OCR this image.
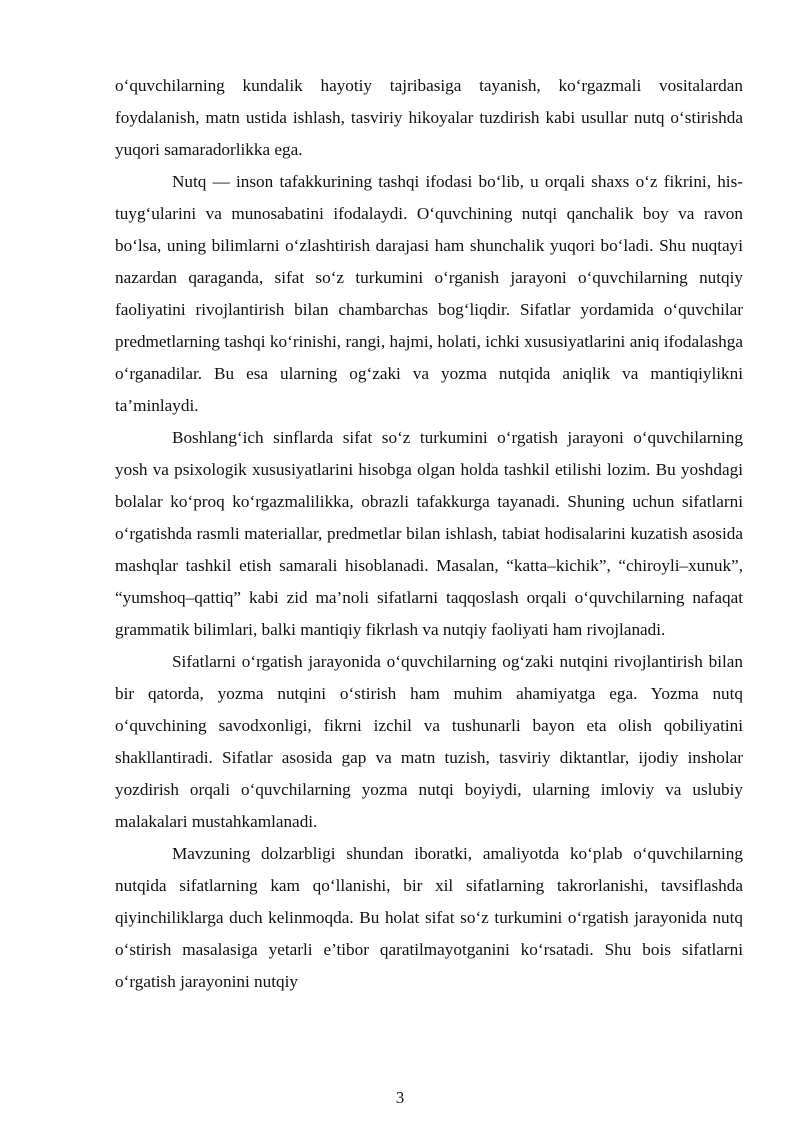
o‘quvchilarning kundalik hayotiy tajribasiga tayanish, ko‘rgazmali vositalardan foydalanish, matn ustida ishlash, tasviriy hikoyalar tuzdirish kabi usullar nutq o‘stirishda yuqori samaradorlikka ega.

Nutq — inson tafakkurining tashqi ifodasi bo‘lib, u orqali shaxs o‘z fikrini, his-tuyg‘ularini va munosabatini ifodalaydi. O‘quvchining nutqi qanchalik boy va ravon bo‘lsa, uning bilimlarni o‘zlashtirish darajasi ham shunchalik yuqori bo‘ladi. Shu nuqtayi nazardan qaraganda, sifat so‘z turkumini o‘rganish jarayoni o‘quvchilarning nutqiy faoliyatini rivojlantirish bilan chambarchas bog‘liqdir. Sifatlar yordamida o‘quvchilar predmetlarning tashqi ko‘rinishi, rangi, hajmi, holati, ichki xususiyatlarini aniq ifodalashga o‘rganadilar. Bu esa ularning og‘zaki va yozma nutqida aniqlik va mantiqiylikni ta’minlaydi.

Boshlang‘ich sinflarda sifat so‘z turkumini o‘rgatish jarayoni o‘quvchilarning yosh va psixologik xususiyatlarini hisobga olgan holda tashkil etilishi lozim. Bu yoshdagi bolalar ko‘proq ko‘rgazmalilikka, obrazli tafakkurga tayanadi. Shuning uchun sifatlarni o‘rgatishda rasmli materiallar, predmetlar bilan ishlash, tabiat hodisalarini kuzatish asosida mashqlar tashkil etish samarali hisoblanadi. Masalan, “katta–kichik”, “chiroyli–xunuk”, “yumshoq–qattiq” kabi zid ma’noli sifatlarni taqqoslash orqali o‘quvchilarning nafaqat grammatik bilimlari, balki mantiqiy fikrlash va nutqiy faoliyati ham rivojlanadi.

Sifatlarni o‘rgatish jarayonida o‘quvchilarning og‘zaki nutqini rivojlantirish bilan bir qatorda, yozma nutqini o‘stirish ham muhim ahamiyatga ega. Yozma nutq o‘quvchining savodxonligi, fikrni izchil va tushunarli bayon eta olish qobiliyatini shakllantiradi. Sifatlar asosida gap va matn tuzish, tasviriy diktantlar, ijodiy insholar yozdirish orqali o‘quvchilarning yozma nutqi boyiydi, ularning imloviy va uslubiy malakalari mustahkamlanadi.

Mavzuning dolzarbligi shundan iboratki, amaliyotda ko‘plab o‘quvchilarning nutqida sifatlarning kam qo‘llanishi, bir xil sifatlarning takrorlanishi, tavsiflashda qiyinchiliklarga duch kelinmoqda. Bu holat sifat so‘z turkumini o‘rgatish jarayonida nutq o‘stirish masalasiga yetarli e’tibor qaratilmayotganini ko‘rsatadi. Shu bois sifatlarni o‘rgatish jarayonini nutqiy

3
